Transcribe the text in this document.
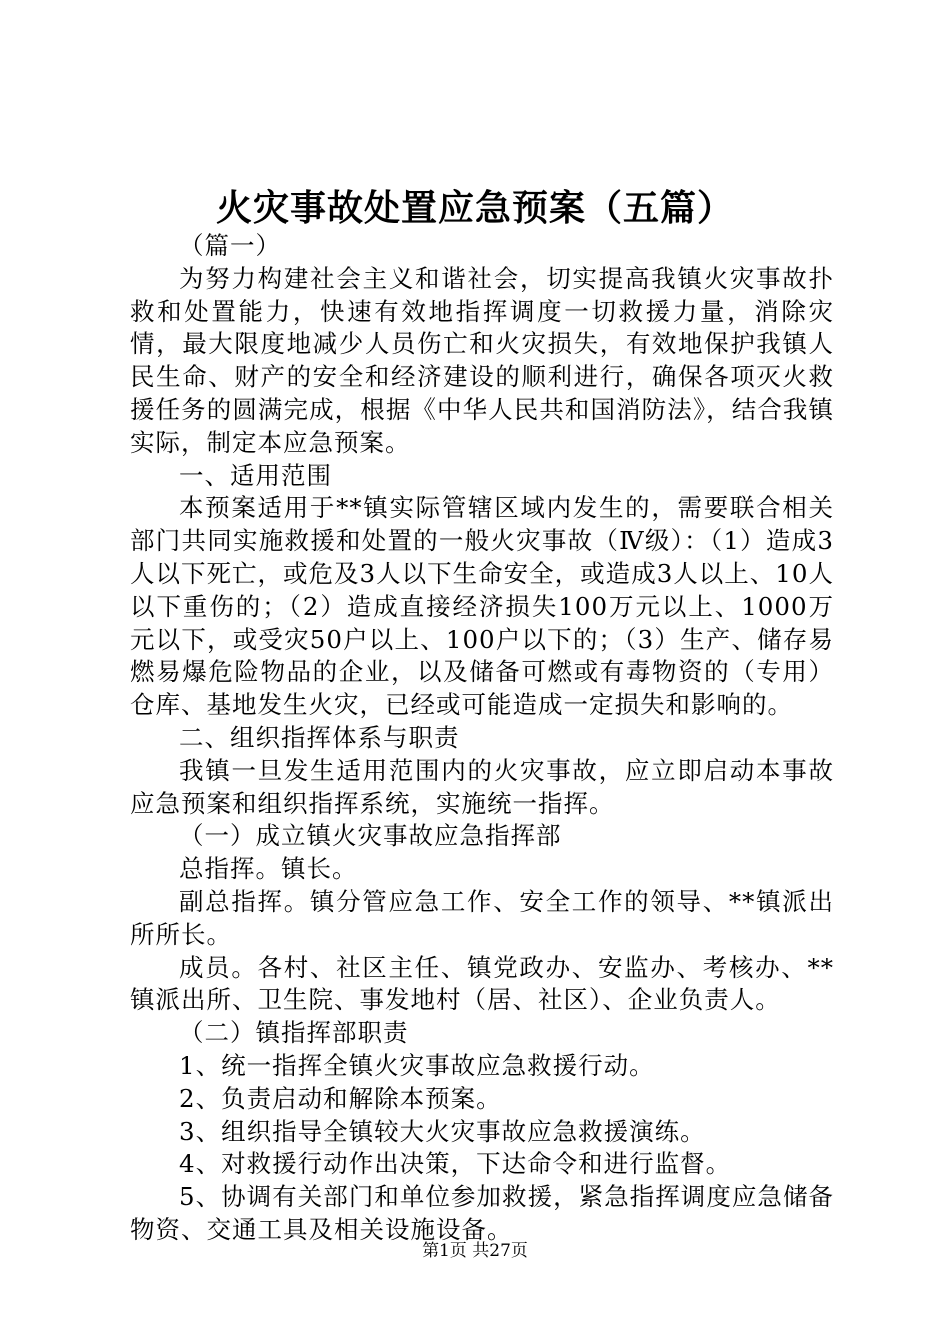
火灾事故处置应急预案（五篇）

（篇一）

为努力构建社会主义和谐社会，切实提高我镇火灾事故扑救和处置能力，快速有效地指挥调度一切救援力量，消除灾情，最大限度地减少人员伤亡和火灾损失，有效地保护我镇人民生命、财产的安全和经济建设的顺利进行，确保各项灭火救援任务的圆满完成，根据《中华人民共和国消防法》，结合我镇实际，制定本应急预案。

一、适用范围

本预案适用于**镇实际管辖区域内发生的，需要联合相关部门共同实施救援和处置的一般火灾事故（Ⅳ级）：（1）造成3人以下死亡，或危及3人以下生命安全，或造成3人以上、10人以下重伤的；（2）造成直接经济损失100万元以上、1000万元以下，或受灾50户以上、100户以下的；（3）生产、储存易燃易爆危险物品的企业，以及储备可燃或有毒物资的（专用）仓库、基地发生火灾，已经或可能造成一定损失和影响的。

二、组织指挥体系与职责

我镇一旦发生适用范围内的火灾事故，应立即启动本事故应急预案和组织指挥系统，实施统一指挥。

（一）成立镇火灾事故应急指挥部

总指挥。镇长。

副总指挥。镇分管应急工作、安全工作的领导、**镇派出所所长。

成员。各村、社区主任、镇党政办、安监办、考核办、**镇派出所、卫生院、事发地村（居、社区）、企业负责人。

（二）镇指挥部职责

1、统一指挥全镇火灾事故应急救援行动。

2、负责启动和解除本预案。

3、组织指导全镇较大火灾事故应急救援演练。

4、对救援行动作出决策，下达命令和进行监督。

5、协调有关部门和单位参加救援，紧急指挥调度应急储备物资、交通工具及相关设施设备。

第1页 共27页
